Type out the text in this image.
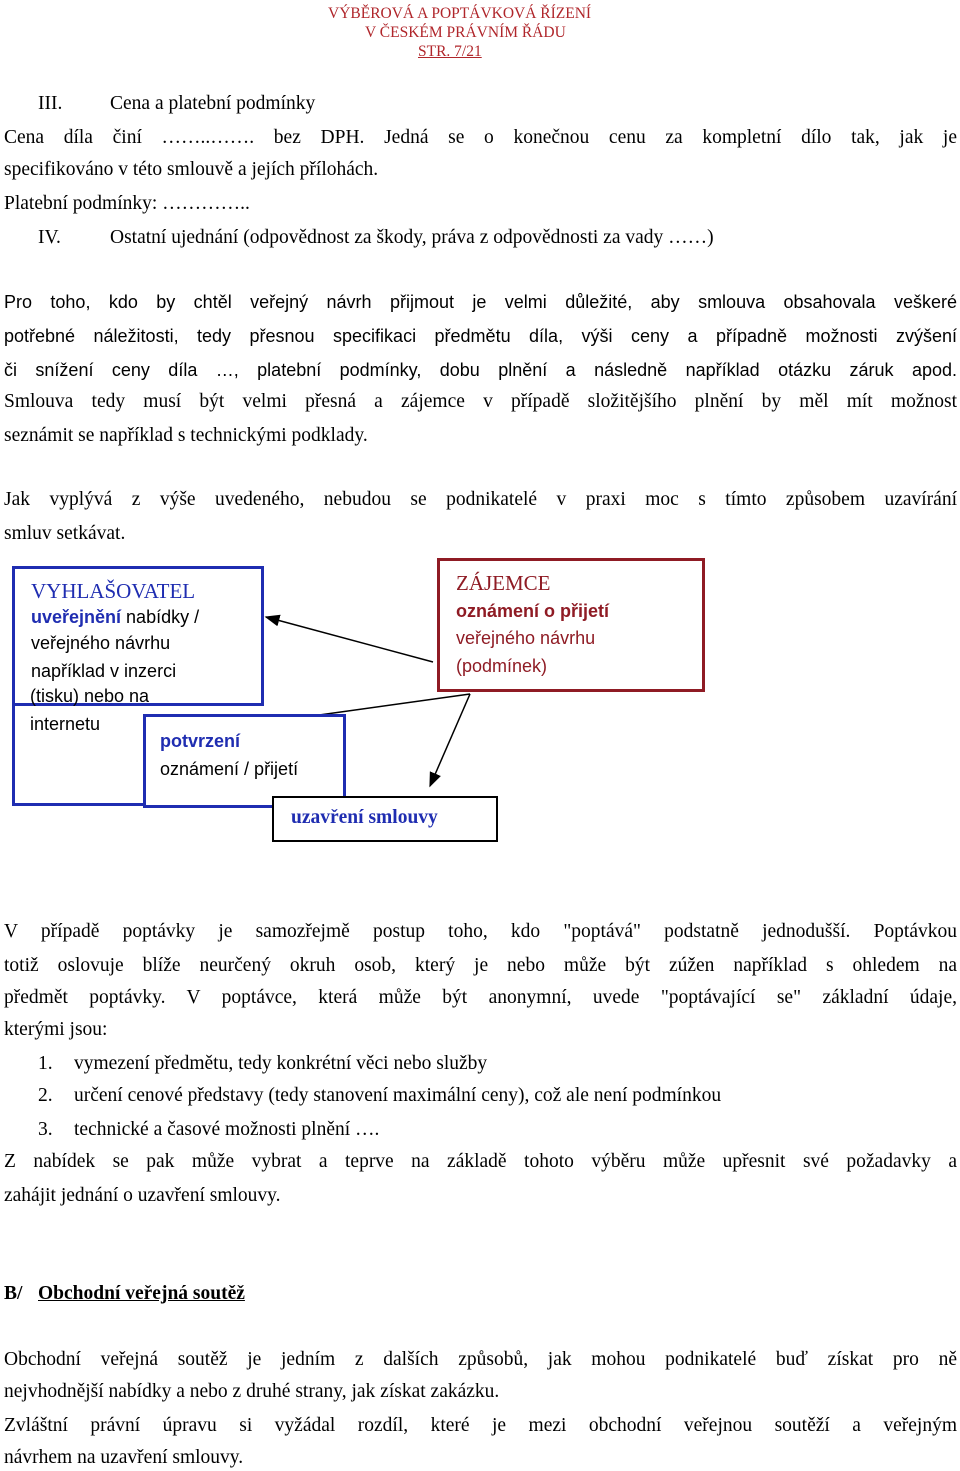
VÝBĚROVÁ A POPTÁVKOVÁ ŘÍZENÍ
V ČESKÉM PRÁVNÍM ŘÁDU
STR. 7/21
III. Cena a platební podmínky
Cena díla činí ……..……. bez DPH. Jedná se o konečnou cenu za kompletní dílo tak, jak je
specifikováno v této smlouvě a jejích přílohách.
Platební podmínky: …………..
IV.	Ostatní ujednání (odpovědnost za škody, práva z odpovědnosti za vady ……)
Pro toho, kdo by chtěl veřejný návrh přijmout je velmi důležité, aby smlouva obsahovala veškeré
potřebné náležitosti, tedy přesnou specifikaci předmětu díla, výši ceny a případně možnosti zvýšení
či snížení ceny díla …, platební podmínky, dobu plnění a následně například otázku záruk apod.
Smlouva tedy musí být velmi přesná a zájemce v případě složitějšího plnění by měl mít možnost
seznámit se například s technickými podklady.
Jak vyplývá z výše uvedeného, nebudou se podnikatelé v praxi moc s tímto způsobem uzavírání
smluv setkávat.
VYHLAŠOVATEL
uveřejnění nabídky /
veřejného návrhu
například v inzerci
(tisku) nebo na
internetu
potvrzení
oznámení / přijetí
ZÁJEMCE
oznámení o přijetí
veřejného návrhu
(podmínek)
uzavření smlouvy
V případě poptávky je samozřejmě postup toho, kdo "poptává" podstatně jednodušší. Poptávkou
totiž oslovuje blíže neurčený okruh osob, který je nebo může být zúžen například s ohledem na
předmět poptávky. V poptávce, která může být anonymní, uvede "poptávající se" základní údaje,
kterými jsou:
1. vymezení předmětu, tedy konkrétní věci nebo služby
2. určení cenové představy (tedy stanovení maximální ceny), což ale není podmínkou
3. technické a časové možnosti plnění ….
Z nabídek se pak může vybrat a teprve na základě tohoto výběru může upřesnit své požadavky a
zahájit jednání o uzavření smlouvy.
B/ Obchodní veřejná soutěž
Obchodní veřejná soutěž je jedním z dalších způsobů, jak mohou podnikatelé buď získat pro ně
nejvhodnější nabídky a nebo z druhé strany, jak získat zakázku.
Zvláštní právní úpravu si vyžádal rozdíl, které je mezi obchodní veřejnou soutěží a veřejným
návrhem na uzavření smlouvy.
